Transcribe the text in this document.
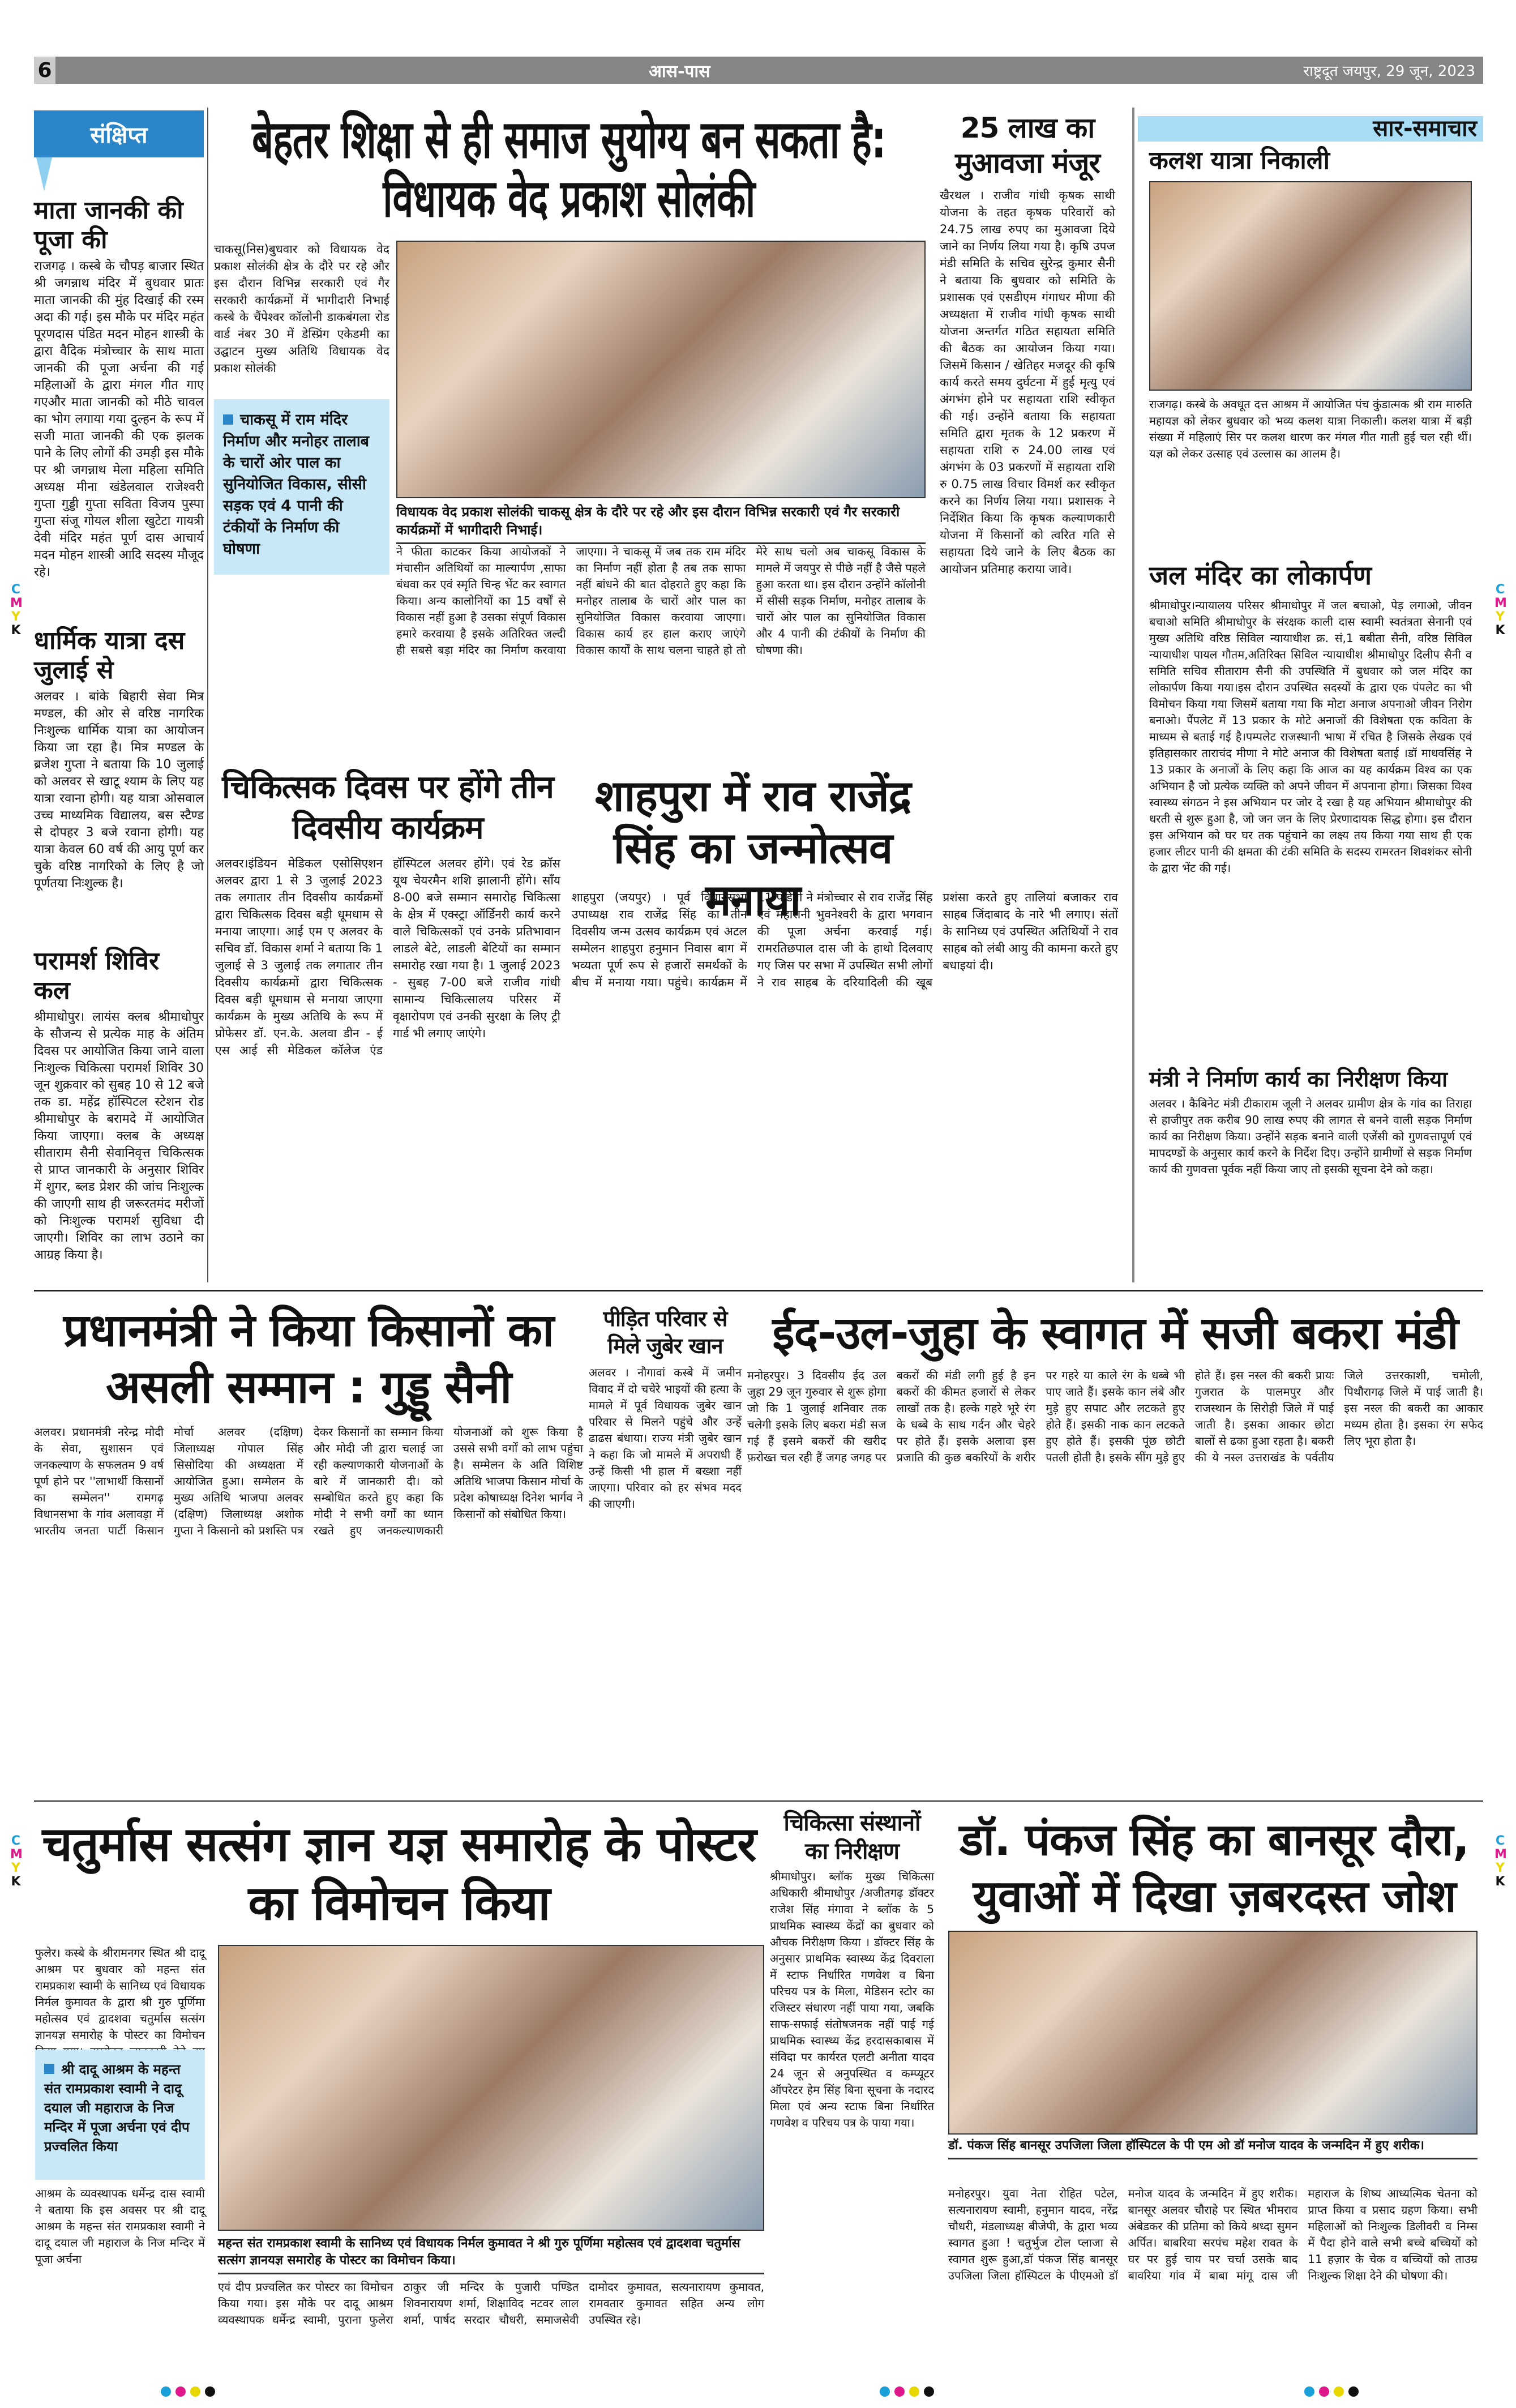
6	आस-पास	राष्ट्रदूत जयपुर, 29 जून, 2023
संक्षिप्त
माता जानकी की पूजा की
राजगढ़ । कस्बे के चौपड़ बाजार स्थित श्री जगन्नाथ मंदिर में बुधवार प्रातः माता जानकी की मुंह दिखाई की रस्म अदा की गई। इस मौके पर मंदिर महंत पूरणदास पंडित मदन मोहन शास्त्री के द्वारा वैदिक मंत्रोच्चार के साथ माता जानकी की पूजा अर्चना की गई महिलाओं के द्वारा मंगल गीत गाए गएऔर माता जानकी को मीठे चावल का भोग लगाया गया दुल्हन के रूप में सजी माता जानकी की एक झलक पाने के लिए लोगों की उमड़ी इस मौके पर श्री जगन्नाथ मेला महिला समिति अध्यक्ष मीना खंडेलवाल राजेश्वरी गुप्ता गुड्डी गुप्ता सविता विजय पुस्पा गुप्ता संजू गोयल शीला खुटेटा गायत्री देवी मंदिर महंत पूर्ण दास आचार्य मदन मोहन शास्त्री आदि सदस्य मौजूद रहे।
धार्मिक यात्रा दस जुलाई से
अलवर । बांके बिहारी सेवा मित्र मण्डल, की ओर से वरिष्ठ नागरिक निःशुल्क धार्मिक यात्रा का आयोजन किया जा रहा है। मित्र मण्डल के ब्रजेश गुप्ता ने बताया कि 10 जुलाई को अलवर से खाटू श्याम के लिए यह यात्रा रवाना होगी। यह यात्रा ओसवाल उच्च माध्यमिक विद्यालय, बस स्टैण्ड से दोपहर 3 बजे रवाना होगी। यह यात्रा केवल 60 वर्ष की आयु पूर्ण कर चुके वरिष्ठ नागरिको के लिए है जो पूर्णतया निःशुल्क है।
परामर्श शिविर कल
श्रीमाधोपुर। लायंस क्लब श्रीमाधोपुर के सौजन्य से प्रत्येक माह के अंतिम दिवस पर आयोजित किया जाने वाला निःशुल्क चिकित्सा परामर्श शिविर 30 जून शुक्रवार को सुबह 10 से 12 बजे तक डा. महेंद्र हॉस्पिटल स्टेशन रोड श्रीमाधोपुर के बरामदे में आयोजित किया जाएगा। क्लब के अध्यक्ष सीताराम सैनी सेवानिवृत्त चिकित्सक से प्राप्त जानकारी के अनुसार शिविर में शुगर, ब्लड प्रेशर की जांच निःशुल्क की जाएगी साथ ही जरूरतमंद मरीजों को निःशुल्क परामर्श सुविधा दी जाएगी। शिविर का लाभ उठाने का आग्रह किया है।
बेहतर शिक्षा से ही समाज सुयोग्य बन सकता है: विधायक वेद प्रकाश सोलंकी
चाकसू(निस)बुधवार को विधायक वेद प्रकाश सोलंकी क्षेत्र के दौरे पर रहे और इस दौरान विभिन्न सरकारी एवं गैर सरकारी कार्यक्रमों में भागीदारी निभाई कस्बे के चैंपेश्वर कॉलोनी डाकबंगला रोड वार्ड नंबर 30 में डेस्प्रिंग एकेडमी का उद्घाटन मुख्य अतिथि विधायक वेद प्रकाश सोलंकी
चाकसू में राम मंदिर निर्माण और मनोहर तालाब के चारों ओर पाल का सुनियोजित विकास, सीसी सड़क एवं 4 पानी की टंकीयों के निर्माण की घोषणा
विधायक वेद प्रकाश सोलंकी चाकसू क्षेत्र के दौरे पर रहे और इस दौरान विभिन्न सरकारी एवं गैर सरकारी कार्यक्रमों में भागीदारी निभाई।
ने फीता काटकर किया आयोजकों ने मंचासीन अतिथियों का माल्यार्पण ,साफा बंधवा कर एवं स्मृति चिन्ह भेंट कर स्वागत किया। अन्य कालोनियों का 15 वर्षों से विकास नहीं हुआ है उसका संपूर्ण विकास हमारे करवाया है इसके अतिरिक्त जल्दी ही सबसे बड़ा मंदिर का निर्माण करवाया जाएगा। ने चाकसू में जब तक राम मंदिर का निर्माण नहीं होता है तब तक साफा नहीं बांधने की बात दोहराते हुए कहा कि मनोहर तालाब के चारों ओर पाल का सुनियोजित विकास करवाया जाएगा। विकास कार्य हर हाल कराए जाएंगे विकास कार्यों के साथ चलना चाहते हो तो मेरे साथ चलो अब चाकसू विकास के मामले में जयपुर से पीछे नहीं है जैसे पहले हुआ करता था। इस दौरान उन्होंने कॉलोनी में सीसी सड़क निर्माण, मनोहर तालाब के चारों ओर पाल का सुनियोजित विकास और 4 पानी की टंकीयों के निर्माण की घोषणा की।
25 लाख का मुआवजा मंजूर
खैरथल । राजीव गांधी कृषक साथी योजना के तहत कृषक परिवारों को 24.75 लाख रुपए का मुआवजा दिये जाने का निर्णय लिया गया है। कृषि उपज मंडी समिति के सचिव सुरेन्द्र कुमार सैनी ने बताया कि बुधवार को समिति के प्रशासक एवं एसडीएम गंगाधर मीणा की अध्यक्षता में राजीव गांधी कृषक साथी योजना अन्तर्गत गठित सहायता समिति की बैठक का आयोजन किया गया। जिसमें किसान / खेतिहर मजदूर की कृषि कार्य करते समय दुर्घटना में हुई मृत्यु एवं अंगभंग होने पर सहायता राशि स्वीकृत की गई। उन्होंने बताया कि सहायता समिति द्वारा मृतक के 12 प्रकरण में सहायता राशि रु 24.00 लाख एवं अंगभंग के 03 प्रकरणों में सहायता राशि रु 0.75 लाख विचार विमर्श कर स्वीकृत करने का निर्णय लिया गया। प्रशासक ने निर्देशित किया कि कृषक कल्याणकारी योजना में किसानों को त्वरित गति से सहायता दिये जाने के लिए बैठक का आयोजन प्रतिमाह कराया जावे।
सार-समाचार
कलश यात्रा निकाली
राजगढ़। कस्बे के अवधूत दत्त आश्रम में आयोजित पंच कुंडात्मक श्री राम मारुति महायज्ञ को लेकर बुधवार को भव्य कलश यात्रा निकाली। कलश यात्रा में बड़ी संख्या में महिलाएं सिर पर कलश धारण कर मंगल गीत गाती हुई चल रही थीं। यज्ञ को लेकर उत्साह एवं उल्लास का आलम है।
जल मंदिर का लोकार्पण
श्रीमाधोपुर।न्यायालय परिसर श्रीमाधोपुर में जल बचाओ, पेड़ लगाओ, जीवन बचाओ समिति श्रीमाधोपुर के संरक्षक काली दास स्वामी स्वतंत्रता सेनानी एवं मुख्य अतिथि वरिष्ठ सिविल न्यायाधीश क्र. सं,1 बबीता सैनी, वरिष्ठ सिविल न्यायाधीश पायल गौतम,अतिरिक्त सिविल न्यायाधीश श्रीमाधोपुर दिलीप सैनी व समिति सचिव सीताराम सैनी की उपस्थिति में बुधवार को जल मंदिर का लोकार्पण किया गया।इस दौरान उपस्थित सदस्यों के द्वारा एक पंपलेट का भी विमोचन किया गया जिसमें बताया गया कि मोटा अनाज अपनाओ जीवन निरोग बनाओ। पैंपलेट में 13 प्रकार के मोटे अनाजों की विशेषता एक कविता के माध्यम से बताई गई है।पम्पलेट राजस्थानी भाषा में रचित है जिसके लेखक एवं इतिहासकार ताराचंद मीणा ने मोटे अनाज की विशेषता बताई ।डॉ माधवसिंह ने 13 प्रकार के अनाजों के लिए कहा कि आज का यह कार्यक्रम विश्व का एक अभियान है जो प्रत्येक व्यक्ति को अपने जीवन में अपनाना होगा। जिसका विश्व स्वास्थ्य संगठन ने इस अभियान पर जोर दे रखा है यह अभियान श्रीमाधोपुर की धरती से शुरू हुआ है, जो जन जन के लिए प्रेरणादायक सिद्ध होगा। इस दौरान इस अभियान को घर घर तक पहुंचाने का लक्ष्य तय किया गया साथ ही एक हजार लीटर पानी की क्षमता की टंकी समिति के सदस्य रामरतन शिवशंकर सोनी के द्वारा भेंट की गई।
मंत्री ने निर्माण कार्य का निरीक्षण किया
अलवर । कैबिनेट मंत्री टीकाराम जूली ने अलवर ग्रामीण क्षेत्र के गांव का तिराहा से हाजीपुर तक करीब 90 लाख रुपए की लागत से बनने वाली सड़क निर्माण कार्य का निरीक्षण किया। उन्होंने सड़क बनाने वाली एजेंसी को गुणवत्तापूर्ण एवं मापदण्डों के अनुसार कार्य करने के निर्देश दिए। उन्होंने ग्रामीणों से सड़क निर्माण कार्य की गुणवत्ता पूर्वक नहीं किया जाए तो इसकी सूचना देने को कहा।
चिकित्सक दिवस पर होंगे तीन दिवसीय कार्यक्रम
अलवर।इंडियन मेडिकल एसोसिएशन अलवर द्वारा 1 से 3 जुलाई 2023 तक लगातार तीन दिवसीय कार्यक्रमों द्वारा चिकित्सक दिवस बड़ी धूमधाम से मनाया जाएगा। आई एम ए अलवर के सचिव डॉ. विकास शर्मा ने बताया कि 1 जुलाई से 3 जुलाई तक लगातार तीन दिवसीय कार्यक्रमों द्वारा चिकित्सक दिवस बड़ी धूमधाम से मनाया जाएगा कार्यक्रम के मुख्य अतिथि के रूप में प्रोफेसर डॉ. एन.के. अलवा डीन - ई एस आई सी मेडिकल कॉलेज एंड हॉस्पिटल अलवर होंगे। एवं रेड क्रॉस यूथ चेयरमैन शशि झालानी होंगे। साँय 8-00 बजे सम्मान समारोह चिकित्सा के क्षेत्र में एक्स्ट्रा ऑर्डिनरी कार्य करने वाले चिकित्सकों एवं उनके प्रतिभावान लाडले बेटे, लाडली बेटियों का सम्मान समारोह रखा गया है। 1 जुलाई 2023 - सुबह 7-00 बजे राजीव गांधी सामान्य चिकित्सालय परिसर में वृक्षारोपण एवं उनकी सुरक्षा के लिए ट्री गार्ड भी लगाए जाएंगे।
शाहपुरा में राव राजेंद्र सिंह का जन्मोत्सव मनाया
शाहपुरा (जयपुर) । पूर्व विधानसभा उपाध्यक्ष राव राजेंद्र सिंह का तीन दिवसीय जन्म उत्सव कार्यक्रम एवं अटल सम्मेलन शाहपुरा हनुमान निवास बाग में भव्यता पूर्ण रूप से हजारों समर्थकों के बीच में मनाया गया। पहुंचे। कार्यक्रम में 11 पंडितों ने मंत्रोच्चार से राव राजेंद्र सिंह एवं महारानी भुवनेश्वरी के द्वारा भगवान की पूजा अर्चना करवाई गई। रामरतिछपाल दास जी के हाथो दिलवाए गए जिस पर सभा में उपस्थित सभी लोगों ने राव साहब के दरियादिली की खूब प्रशंसा करते हुए तालियां बजाकर राव साहब जिंदाबाद के नारे भी लगाए। संतों के सानिध्य एवं उपस्थित अतिथियों ने राव साहब को लंबी आयु की कामना करते हुए बधाइयां दी।
प्रधानमंत्री ने किया किसानों का असली सम्मान : गुड्डू सैनी
अलवर। प्रधानमंत्री नरेन्द्र मोदी के सेवा, सुशासन एवं जनकल्याण के सफलतम 9 वर्ष पूर्ण होने पर ''लाभार्थी किसानों का सम्मेलन'' रामगढ़ विधानसभा के गांव अलावड़ा में भारतीय जनता पार्टी किसान मोर्चा अलवर (दक्षिण) जिलाध्यक्ष गोपाल सिंह सिसोदिया की अध्यक्षता में आयोजित हुआ। सम्मेलन के मुख्य अतिथि भाजपा अलवर (दक्षिण) जिलाध्यक्ष अशोक गुप्ता ने किसानो को प्रशस्ति पत्र देकर किसानों का सम्मान किया और मोदी जी द्वारा चलाई जा रही कल्याणकारी योजनाओं के बारे में जानकारी दी। को सम्बोधित करते हुए कहा कि मोदी ने सभी वर्गों का ध्यान रखते हुए जनकल्याणकारी योजनाओं को शुरू किया है उससे सभी वर्गों को लाभ पहुंचा है। सम्मेलन के अति विशिष्ट अतिथि भाजपा किसान मोर्चा के प्रदेश कोषाध्यक्ष दिनेश भार्गव ने किसानों को संबोधित किया।
पीड़ित परिवार से मिले जुबेर खान
अलवर । नौगावां कस्बे में जमीन विवाद में दो चचेरे भाइयों की हत्या के मामले में पूर्व विधायक जुबेर खान परिवार से मिलने पहुंचे और उन्हें ढाढस बंधाया। राज्य मंत्री जुबेर खान ने कहा कि जो मामले में अपराधी हैं उन्हें किसी भी हाल में बख्शा नहीं जाएगा। परिवार को हर संभव मदद की जाएगी।
ईद-उल-जुहा के स्वागत में सजी बकरा मंडी
मनोहरपुर। 3 दिवसीय ईद उल जुहा 29 जून गुरुवार से शुरू होगा जो कि 1 जुलाई शनिवार तक चलेगी इसके लिए बकरा मंडी सज गई हैं इसमे बकरों की खरीद फ़रोख्त चल रही हैं जगह जगह पर बकरों की मंडी लगी हुई है इन बकरों की कीमत हजारों से लेकर लाखों तक है। हल्के गहरे भूरे रंग के धब्बे के साथ गर्दन और चेहरे पर होते हैं। इसके अलावा इस प्रजाति की कुछ बकरियों के शरीर पर गहरे या काले रंग के धब्बे भी पाए जाते हैं। इसके कान लंबे और मुड़े हुए सपाट और लटकते हुए होते हैं। इसकी नाक कान लटकते हुए होते हैं। इसकी पूंछ छोटी पतली होती है। इसके सींग मुड़े हुए होते हैं। इस नस्ल की बकरी प्रायः गुजरात के पालमपुर और राजस्थान के सिरोही जिले में पाई जाती है। इसका आकार छोटा बालों से ढका हुआ रहता है। बकरी की ये नस्ल उत्तराखंड के पर्वतीय जिले उत्तरकाशी, चमोली, पिथौरागढ़ जिले में पाई जाती है। इस नस्ल की बकरी का आकार मध्यम होता है। इसका रंग सफेद लिए भूरा होता है।
चतुर्मास सत्संग ज्ञान यज्ञ समारोह के पोस्टर का विमोचन किया
फुलेर। कस्बे के श्रीरामनगर स्थित श्री दादू आश्रम पर बुधवार को महन्त संत रामप्रकाश स्वामी के सानिध्य एवं विधायक निर्मल कुमावत के द्वारा श्री गुरु पूर्णिमा महोत्सव एवं द्वादशवा चतुर्मास सत्संग ज्ञानयज्ञ समारोह के पोस्टर का विमोचन
श्री दादू आश्रम के महन्त संत रामप्रकाश स्वामी ने दादू दयाल जी महाराज के निज मन्दिर में पूजा अर्चना एवं दीप प्रज्वलित किया
आश्रम के व्यवस्थापक धर्मेन्द्र दास स्वामी ने बताया कि इस अवसर पर श्री दादू आश्रम के महन्त संत रामप्रकाश स्वामी ने दादू दयाल जी महाराज के निज मन्दिर में पूजा अर्चना
महन्त संत रामप्रकाश स्वामी के सानिध्य एवं विधायक निर्मल कुमावत ने श्री गुरु पूर्णिमा महोत्सव एवं द्वादशवा चतुर्मास सत्संग ज्ञानयज्ञ समारोह के पोस्टर का विमोचन किया।
एवं दीप प्रज्वलित कर पोस्टर का विमोचन किया गया। इस मौके पर दादू आश्रम व्यवस्थापक धर्मेन्द्र स्वामी, पुराना फुलेरा ठाकुर जी मन्दिर के पुजारी पण्डित शिवनारायण शर्मा, शिक्षाविद नटवर लाल शर्मा, पार्षद सरदार चौधरी, समाजसेवी दामोदर कुमावत, सत्यनारायण कुमावत, रामवतार कुमावत सहित अन्य लोग उपस्थित रहे।
चिकित्सा संस्थानों का निरीक्षण
श्रीमाधोपुर। ब्लॉक मुख्य चिकित्सा अधिकारी श्रीमाधोपुर /अजीतगढ़ डॉक्टर राजेश सिंह मंगावा ने ब्लॉक के 5 प्राथमिक स्वास्थ्य केंद्रों का बुधवार को औचक निरीक्षण किया । डॉक्टर सिंह के अनुसार प्राथमिक स्वास्थ्य केंद्र दिवराला में स्टाफ निर्धारित गणवेश व बिना परिचय पत्र के मिला, मेडिसन स्टोर का रजिस्टर संधारण नहीं पाया गया, जबकि साफ-सफाई संतोषजनक नहीं पाई गई प्राथमिक स्वास्थ्य केंद्र हरदासकाबास में संविदा पर कार्यरत एलटी अनीता यादव 24 जून से अनुपस्थित व कम्प्यूटर ऑपरेटर हेम सिंह बिना सूचना के नदारद मिला एवं अन्य स्टाफ बिना निर्धारित गणवेश व परिचय पत्र के पाया गया।
डॉ. पंकज सिंह का बानसूर दौरा, युवाओं में दिखा ज़बरदस्त जोश
डॉ. पंकज सिंह बानसूर उपजिला जिला हॉस्पिटल के पी एम ओ डॉ मनोज यादव के जन्मदिन में हुए शरीक।
मनोहरपुर। युवा नेता रोहित पटेल, सत्यनारायण स्वामी, हनुमान यादव, नरेंद्र चौधरी, मंडलाध्यक्ष बीजेपी, के द्वारा भव्य स्वागत हुआ ! चतुर्भुज टोल प्लाजा से स्वागत शुरू हुआ,डॉ पंकज सिंह बानसूर उपजिला जिला हॉस्पिटल के पीएमओ डॉ मनोज यादव के जन्मदिन में हुए शरीक। बानसूर अलवर चौराहे पर स्थित भीमराव अंबेडकर की प्रतिमा को किये श्रध्दा सुमन अर्पित। बाबरिया सरपंच महेश रावत के घर पर हुई चाय पर चर्चा उसके बाद बावरिया गांव में बाबा मांगू दास जी महाराज के शिष्य आध्यत्मिक चेतना को प्राप्त किया व प्रसाद ग्रहण किया। सभी महिलाओं को निःशुल्क डिलीवरी व निम्स में पैदा होने वाले सभी बच्चे बच्चियों को 11 हज़ार के चेक व बच्चियों को ताउम्र निःशुल्क शिक्षा देने की घोषणा की।
C
M
Y
K
C
M
Y
K
C
M
Y
K
C
M
Y
K
